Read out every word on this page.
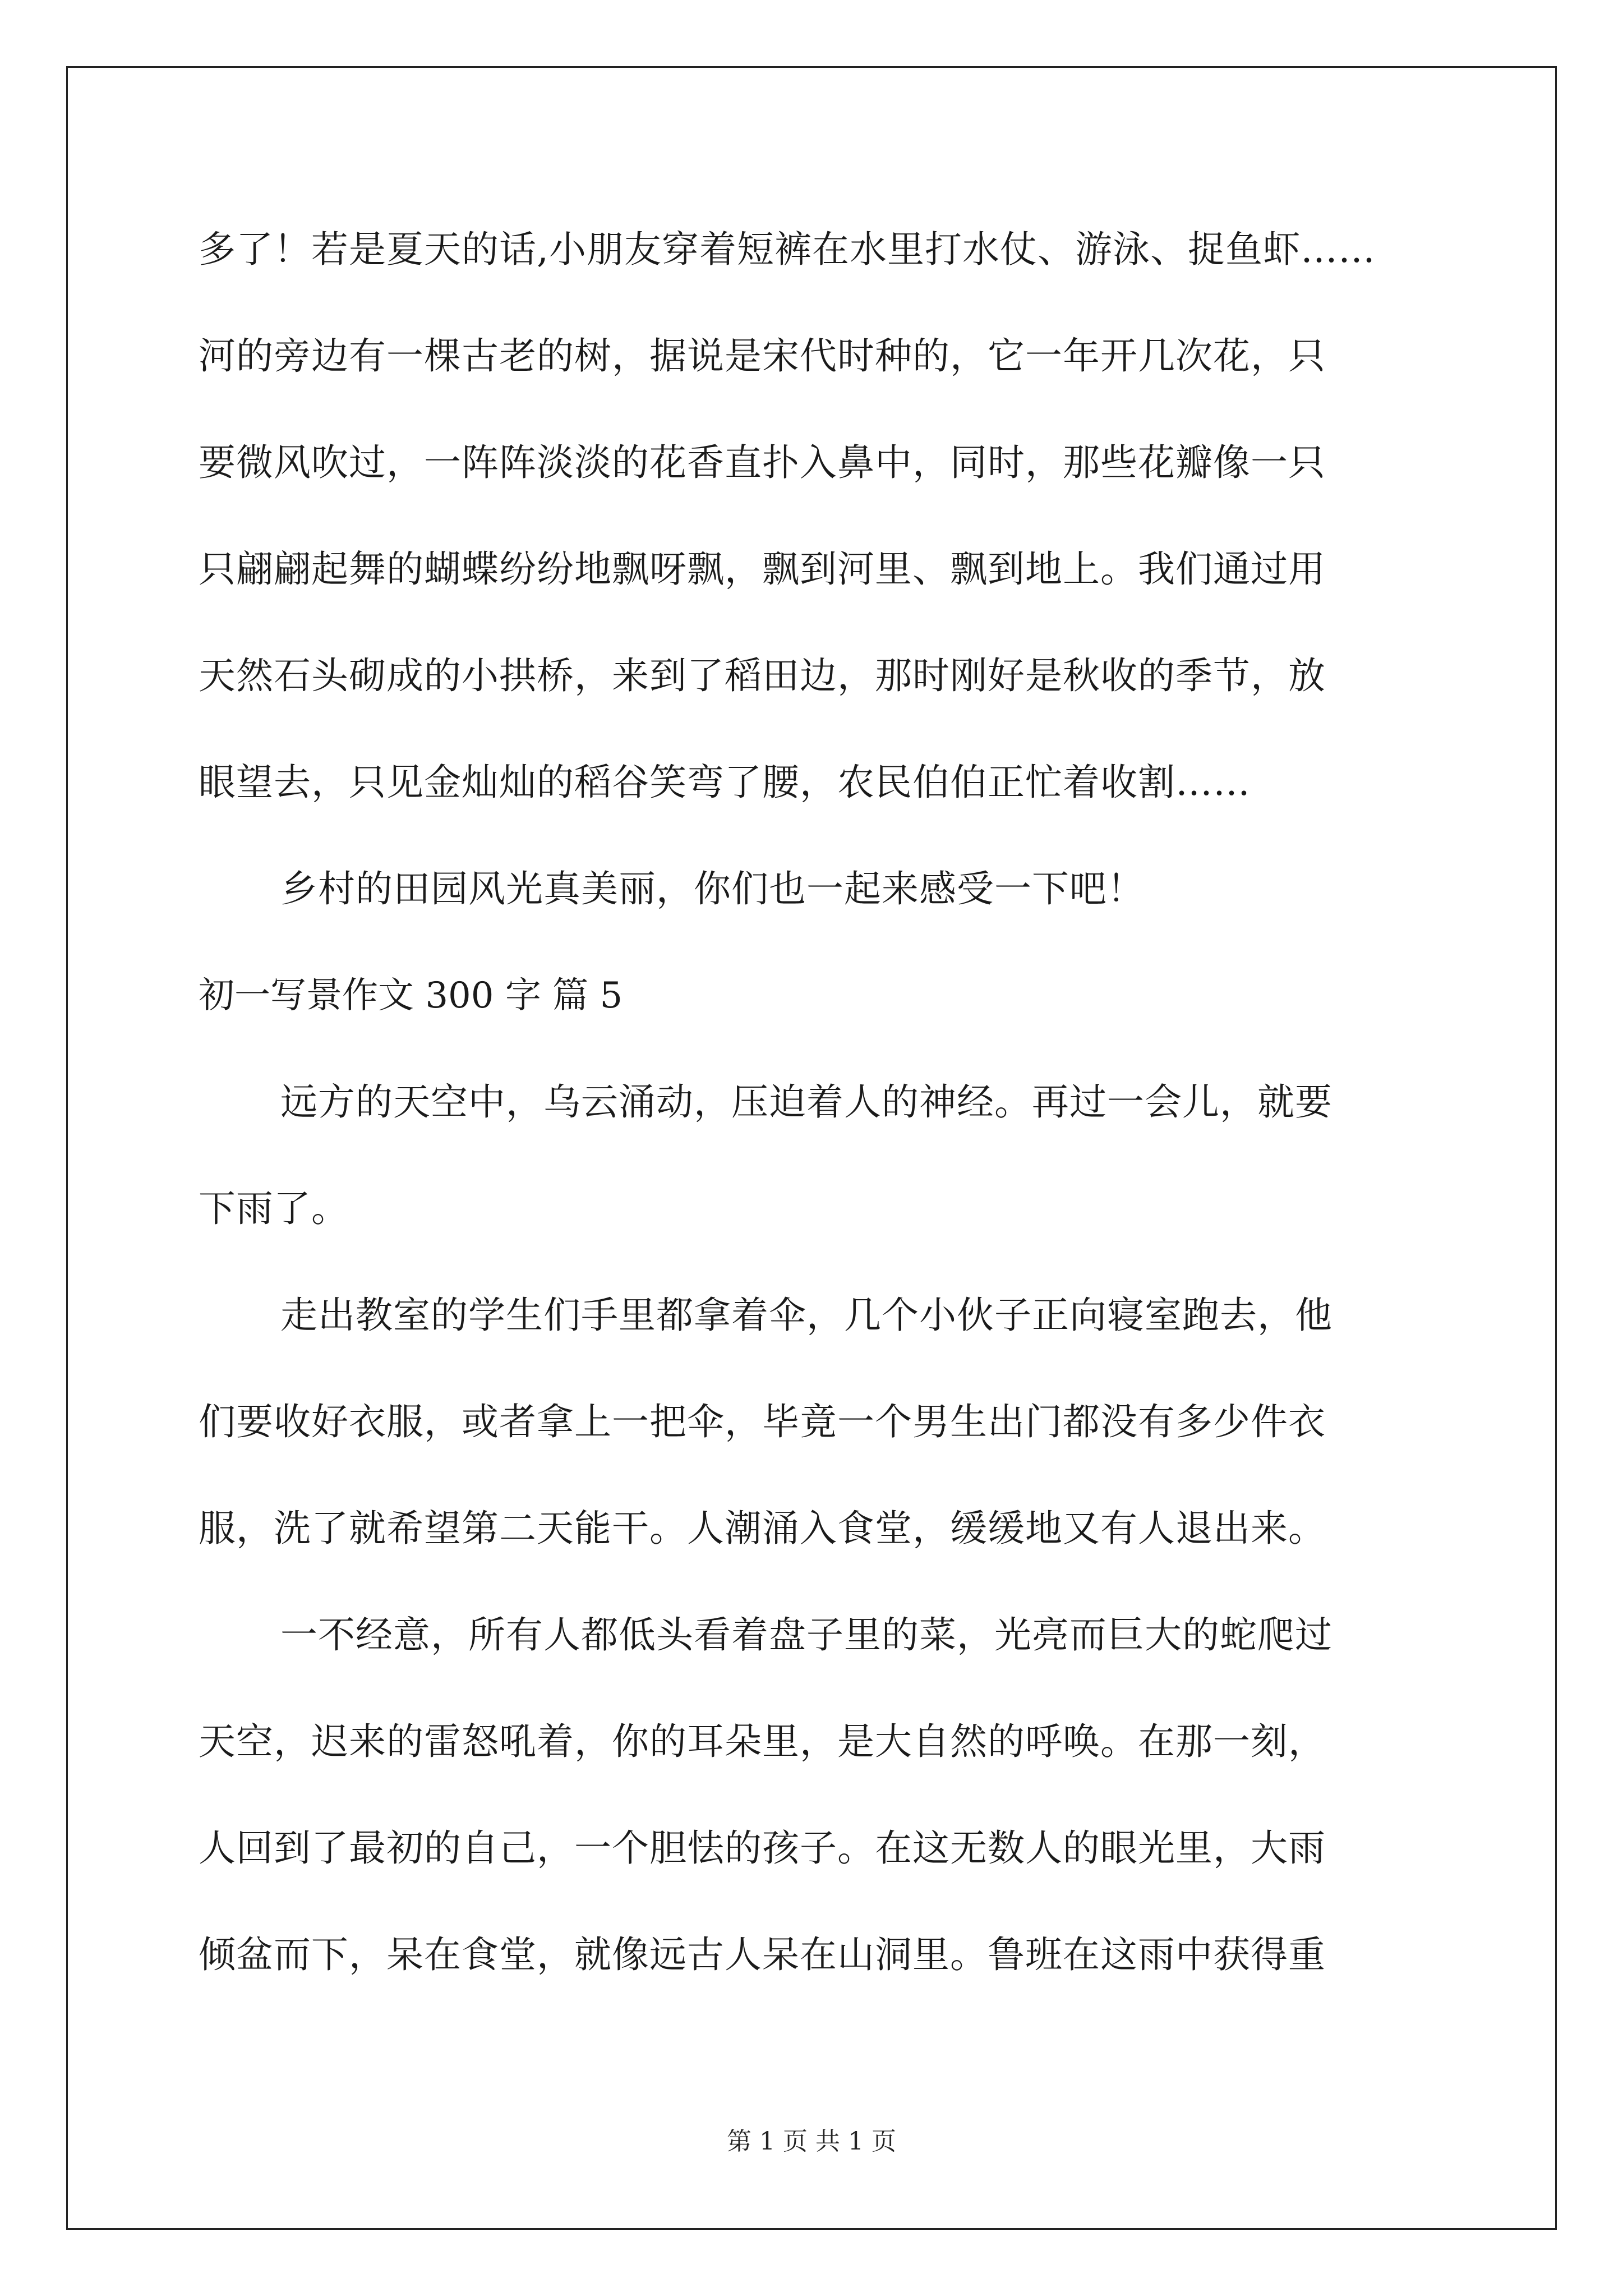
多了！若是夏天的话,小朋友穿着短裤在水里打水仗、游泳、捉鱼虾……
河的旁边有一棵古老的树，据说是宋代时种的，它一年开几次花，只
要微风吹过，一阵阵淡淡的花香直扑入鼻中，同时，那些花瓣像一只
只翩翩起舞的蝴蝶纷纷地飘呀飘，飘到河里、飘到地上。我们通过用
天然石头砌成的小拱桥，来到了稻田边，那时刚好是秋收的季节，放
眼望去，只见金灿灿的稻谷笑弯了腰，农民伯伯正忙着收割……
乡村的田园风光真美丽，你们也一起来感受一下吧！
初一写景作文 300 字 篇 5
远方的天空中，乌云涌动，压迫着人的神经。再过一会儿，就要
下雨了。
走出教室的学生们手里都拿着伞，几个小伙子正向寝室跑去，他
们要收好衣服，或者拿上一把伞，毕竟一个男生出门都没有多少件衣
服，洗了就希望第二天能干。人潮涌入食堂，缓缓地又有人退出来。
一不经意，所有人都低头看着盘子里的菜，光亮而巨大的蛇爬过
天空，迟来的雷怒吼着，你的耳朵里，是大自然的呼唤。在那一刻，
人回到了最初的自己，一个胆怯的孩子。在这无数人的眼光里，大雨
倾盆而下，呆在食堂，就像远古人呆在山洞里。鲁班在这雨中获得重
第 1 页 共 1 页
